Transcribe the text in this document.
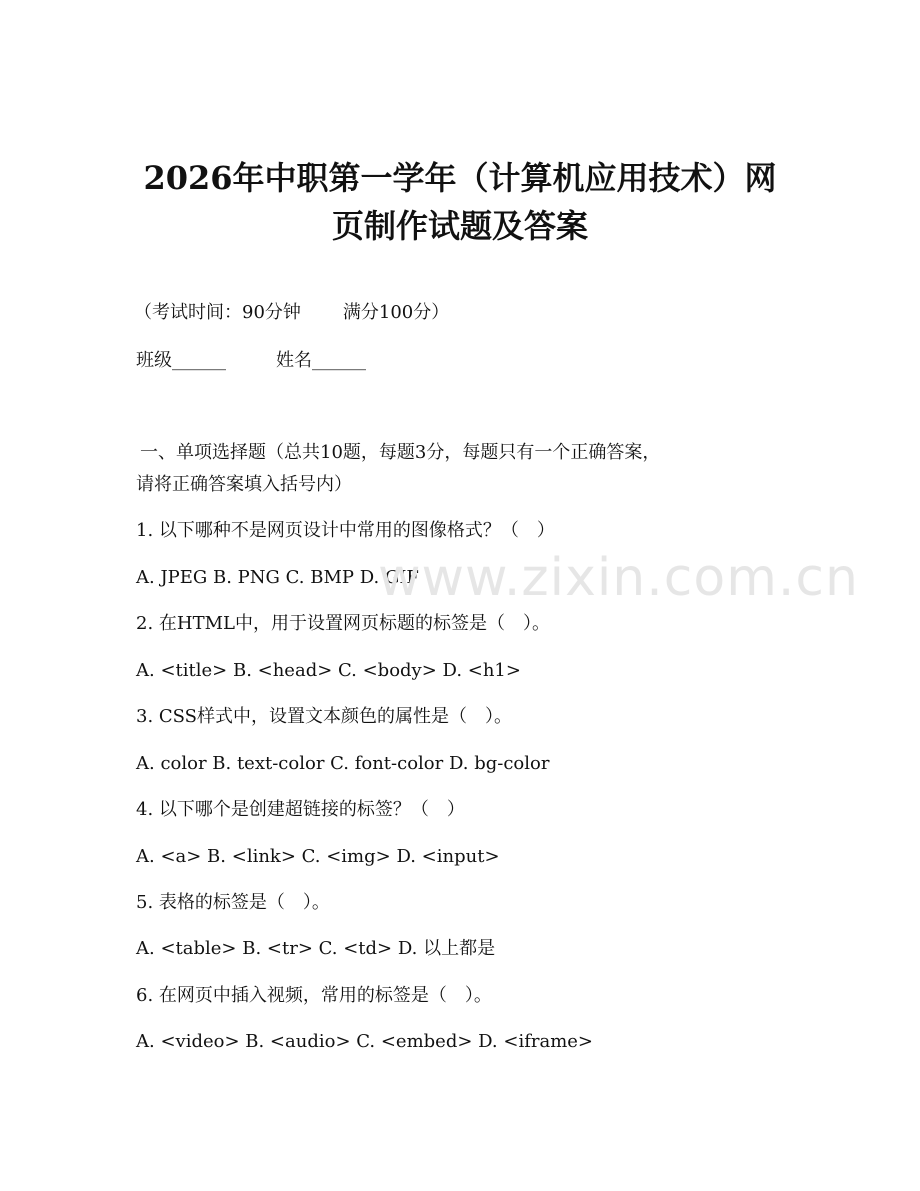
2026年中职第一学年（计算机应用技术）网
页制作试题及答案
（考试时间：90分钟 满分100分）
班级______	姓名______
一、单项选择题（总共10题，每题3分，每题只有一个正确答案，
请将正确答案填入括号内）
1. 以下哪种不是网页设计中常用的图像格式？（　）
A. JPEG B. PNG C. BMP D. GIF
2. 在HTML中，用于设置网页标题的标签是（　）。
A. <title> B. <head> C. <body> D. <h1>
3. CSS样式中，设置文本颜色的属性是（　）。
A. color B. text-color C. font-color D. bg-color
4. 以下哪个是创建超链接的标签？（　）
A. <a> B. <link> C. <img> D. <input>
5. 表格的标签是（　）。
A. <table> B. <tr> C. <td> D. 以上都是
6. 在网页中插入视频，常用的标签是（　）。
A. <video> B. <audio> C. <embed> D. <iframe>
www.zixin.com.cn
